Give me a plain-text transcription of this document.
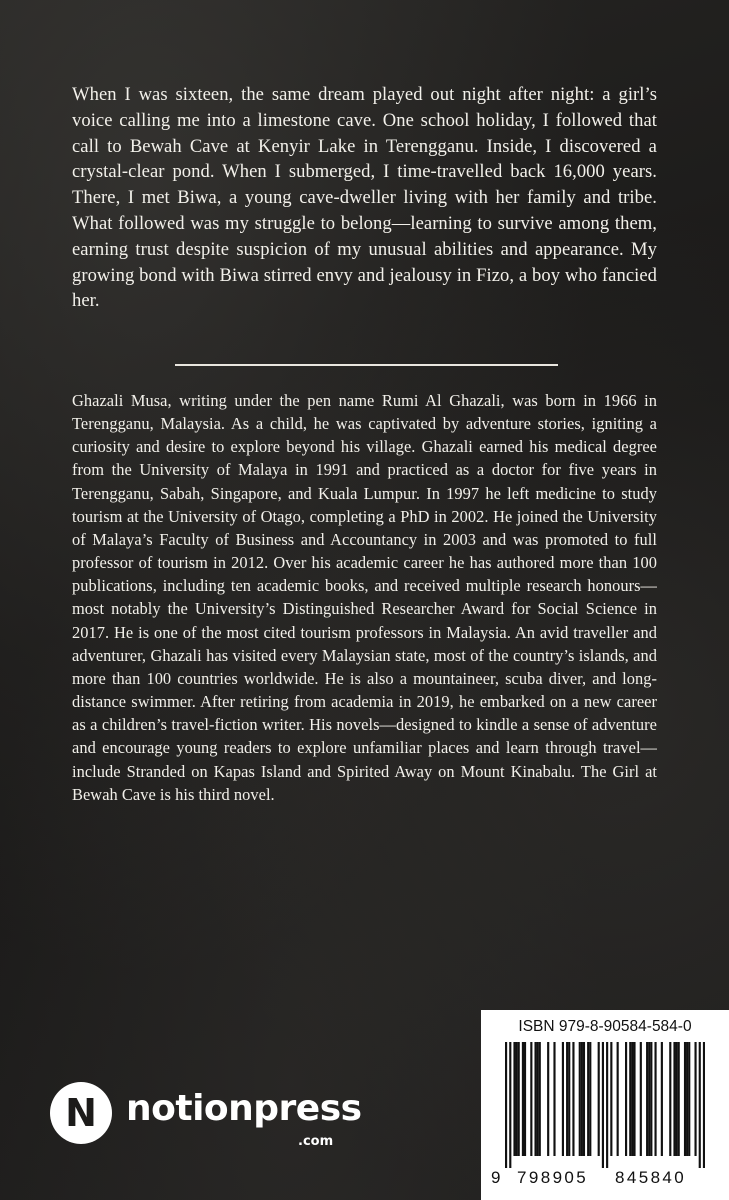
When I was sixteen, the same dream played out night after night: a girl’s voice calling me into a limestone cave. One school holiday, I followed that call to Bewah Cave at Kenyir Lake in Terengganu. Inside, I discovered a crystal-clear pond. When I submerged, I time-travelled back 16,000 years. There, I met Biwa, a young cave-dweller living with her family and tribe. What followed was my struggle to belong—learning to survive among them, earning trust despite suspicion of my unusual abilities and appearance. My growing bond with Biwa stirred envy and jealousy in Fizo, a boy who fancied her.
Ghazali Musa, writing under the pen name Rumi Al Ghazali, was born in 1966 in Terengganu, Malaysia. As a child, he was captivated by adventure stories, igniting a curiosity and desire to explore beyond his village. Ghazali earned his medical degree from the University of Malaya in 1991 and practiced as a doctor for five years in Terengganu, Sabah, Singapore, and Kuala Lumpur. In 1997 he left medicine to study tourism at the University of Otago, completing a PhD in 2002. He joined the University of Malaya’s Faculty of Business and Accountancy in 2003 and was promoted to full professor of tourism in 2012. Over his academic career he has authored more than 100 publications, including ten academic books, and received multiple research honours—most notably the University’s Distinguished Researcher Award for Social Science in 2017. He is one of the most cited tourism professors in Malaysia. An avid traveller and adventurer, Ghazali has visited every Malaysian state, most of the country’s islands, and more than 100 countries worldwide. He is also a mountaineer, scuba diver, and long-distance swimmer. After retiring from academia in 2019, he embarked on a new career as a children’s travel-fiction writer. His novels—designed to kindle a sense of adventure and encourage young readers to explore unfamiliar places and learn through travel—include Stranded on Kapas Island and Spirited Away on Mount Kinabalu. The Girl at Bewah Cave is his third novel.
N notionpress
.com
ISBN 979-8-90584-584-0
9 798905 845840
